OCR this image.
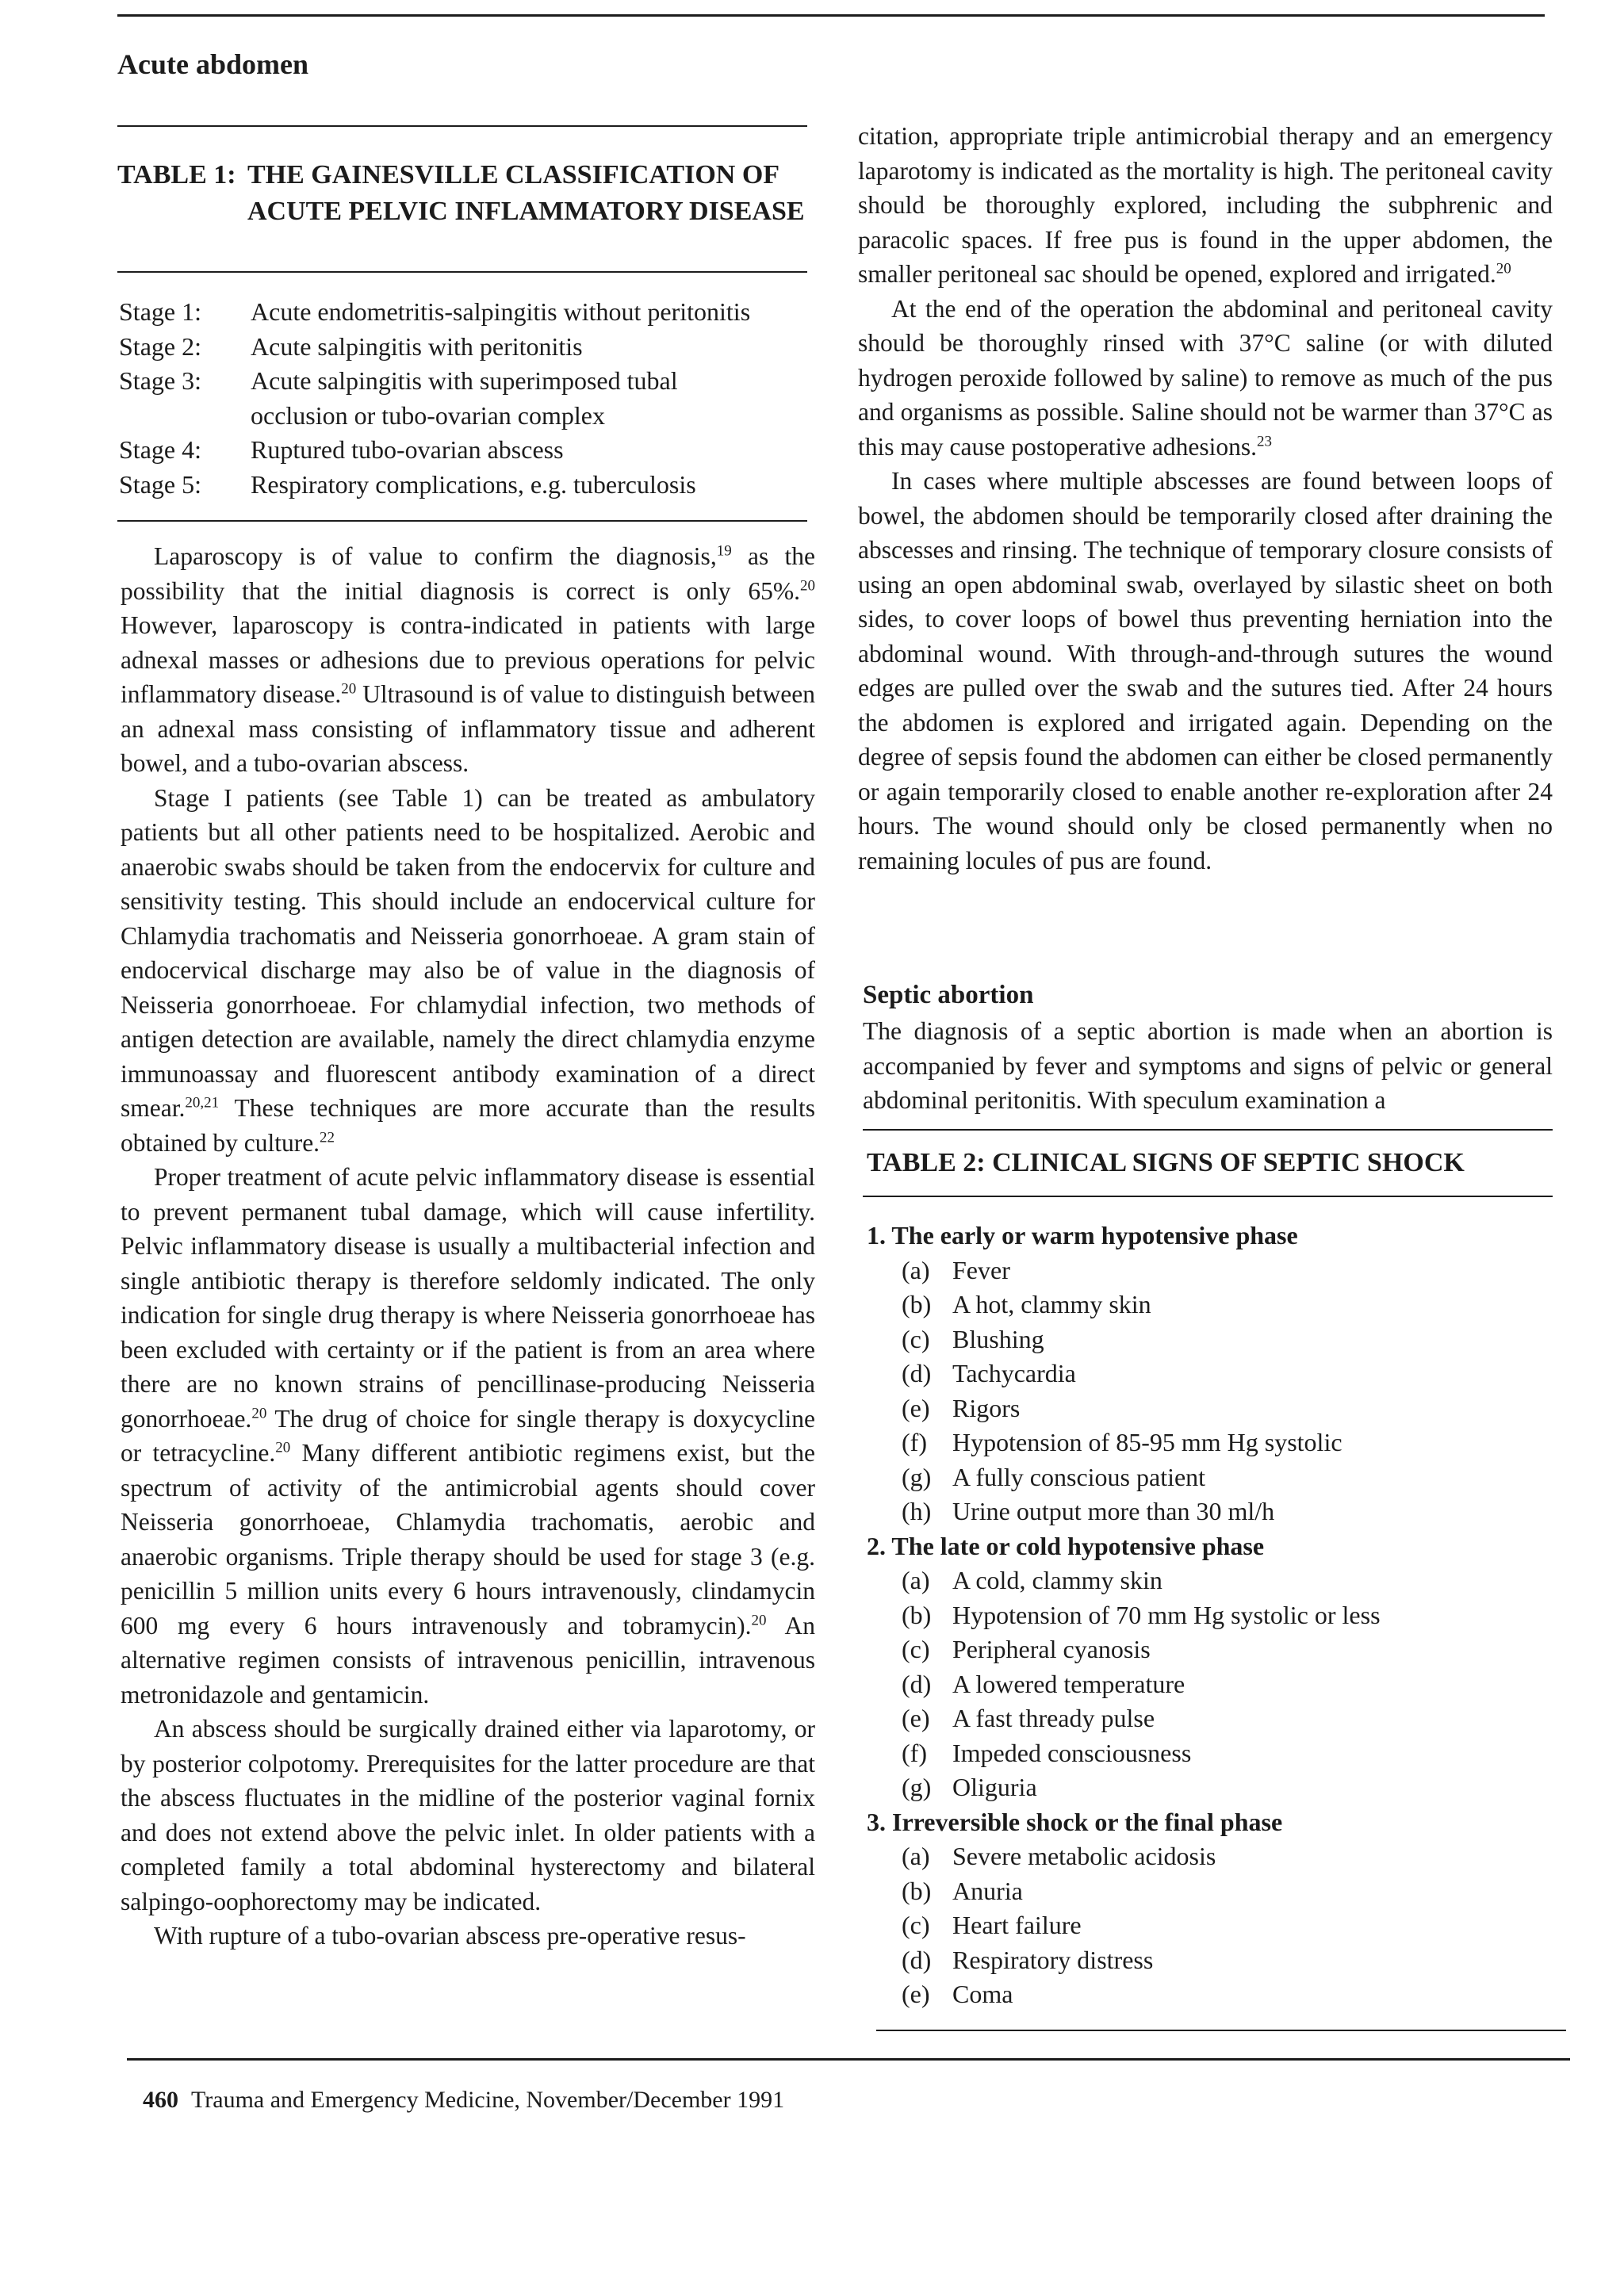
Acute abdomen
TABLE 1: THE GAINESVILLE CLASSIFICATION OF ACUTE PELVIC INFLAMMATORY DISEASE
Stage 1:	Acute endometritis-salpingitis without peritonitis
Stage 2:	Acute salpingitis with peritonitis
Stage 3:	Acute salpingitis with superimposed tubal occlusion or tubo-ovarian complex
Stage 4:	Ruptured tubo-ovarian abscess
Stage 5:	Respiratory complications, e.g. tuberculosis

Laparoscopy is of value to confirm the diagnosis,$^{19}$ as the possibility that the initial diagnosis is correct is only 65%.$^{20}$ However, laparoscopy is contra-indicated in patients with large adnexal masses or adhesions due to previous operations for pelvic inflammatory disease.$^{20}$ Ultrasound is of value to distinguish between an adnexal mass consisting of inflammatory tissue and adherent bowel, and a tubo-ovarian abscess.

Stage I patients (see Table 1) can be treated as ambulatory patients but all other patients need to be hospitalized. Aerobic and anaerobic swabs should be taken from the endocervix for culture and sensitivity testing. This should include an endocervical culture for Chlamydia trachomatis and Neisseria gonorrhoeae. A gram stain of endocervical discharge may also be of value in the diagnosis of Neisseria gonorrhoeae. For chlamydial infection, two methods of antigen detection are available, namely the direct chlamydia enzyme immunoassay and fluorescent antibody examination of a direct smear.$^{20,21}$ These techniques are more accurate than the results obtained by culture.$^{22}$

Proper treatment of acute pelvic inflammatory disease is essential to prevent permanent tubal damage, which will cause infertility. Pelvic inflammatory disease is usually a multibacterial infection and single antibiotic therapy is therefore seldomly indicated. The only indication for single drug therapy is where Neisseria gonorrhoeae has been excluded with certainty or if the patient is from an area where there are no known strains of pencillinase-producing Neisseria gonorrhoeae.$^{20}$ The drug of choice for single therapy is doxycycline or tetracycline.$^{20}$ Many different antibiotic regimens exist, but the spectrum of activity of the antimicrobial agents should cover Neisseria gonorrhoeae, Chlamydia trachomatis, aerobic and anaerobic organisms. Triple therapy should be used for stage 3 (e.g. penicillin 5 million units every 6 hours intravenously, clindamycin 600 mg every 6 hours intravenously and tobramycin).$^{20}$ An alternative regimen consists of intravenous penicillin, intravenous metronidazole and gentamicin.

An abscess should be surgically drained either via laparotomy, or by posterior colpotomy. Prerequisites for the latter procedure are that the abscess fluctuates in the midline of the posterior vaginal fornix and does not extend above the pelvic inlet. In older patients with a completed family a total abdominal hysterectomy and bilateral salpingo-oophorectomy may be indicated.

With rupture of a tubo-ovarian abscess pre-operative resus-

citation, appropriate triple antimicrobial therapy and an emergency laparotomy is indicated as the mortality is high. The peritoneal cavity should be thoroughly explored, including the subphrenic and paracolic spaces. If free pus is found in the upper abdomen, the smaller peritoneal sac should be opened, explored and irrigated.$^{20}$

At the end of the operation the abdominal and peritoneal cavity should be thoroughly rinsed with 37°C saline (or with diluted hydrogen peroxide followed by saline) to remove as much of the pus and organisms as possible. Saline should not be warmer than 37°C as this may cause postoperative adhesions.$^{23}$

In cases where multiple abscesses are found between loops of bowel, the abdomen should be temporarily closed after draining the abscesses and rinsing. The technique of temporary closure consists of using an open abdominal swab, overlayed by silastic sheet on both sides, to cover loops of bowel thus preventing herniation into the abdominal wound. With through-and-through sutures the wound edges are pulled over the swab and the sutures tied. After 24 hours the abdomen is explored and irrigated again. Depending on the degree of sepsis found the abdomen can either be closed permanently or again temporarily closed to enable another re-exploration after 24 hours. The wound should only be closed permanently when no remaining locules of pus are found.

Septic abortion

The diagnosis of a septic abortion is made when an abortion is accompanied by fever and symptoms and signs of pelvic or general abdominal peritonitis. With speculum examination a

TABLE 2: CLINICAL SIGNS OF SEPTIC SHOCK
1. The early or warm hypotensive phase
(a) Fever
(b) A hot, clammy skin
(c) Blushing
(d) Tachycardia
(e) Rigors
(f)	Hypotension of 85-95 mm Hg systolic
(g) A fully conscious patient
(h) Urine output more than 30 ml/h
2. The late or cold hypotensive phase
(a) A cold, clammy skin
(b) Hypotension of 70 mm Hg systolic or less
(c) Peripheral cyanosis
(d) A lowered temperature
(e) A fast thready pulse
(f)	Impeded consciousness
(g) Oliguria
3. Irreversible shock or the final phase
(a) Severe metabolic acidosis
(b) Anuria
(c) Heart failure
(d) Respiratory distress
(e) Coma
460 Trauma and Emergency Medicine, November/December 1991
